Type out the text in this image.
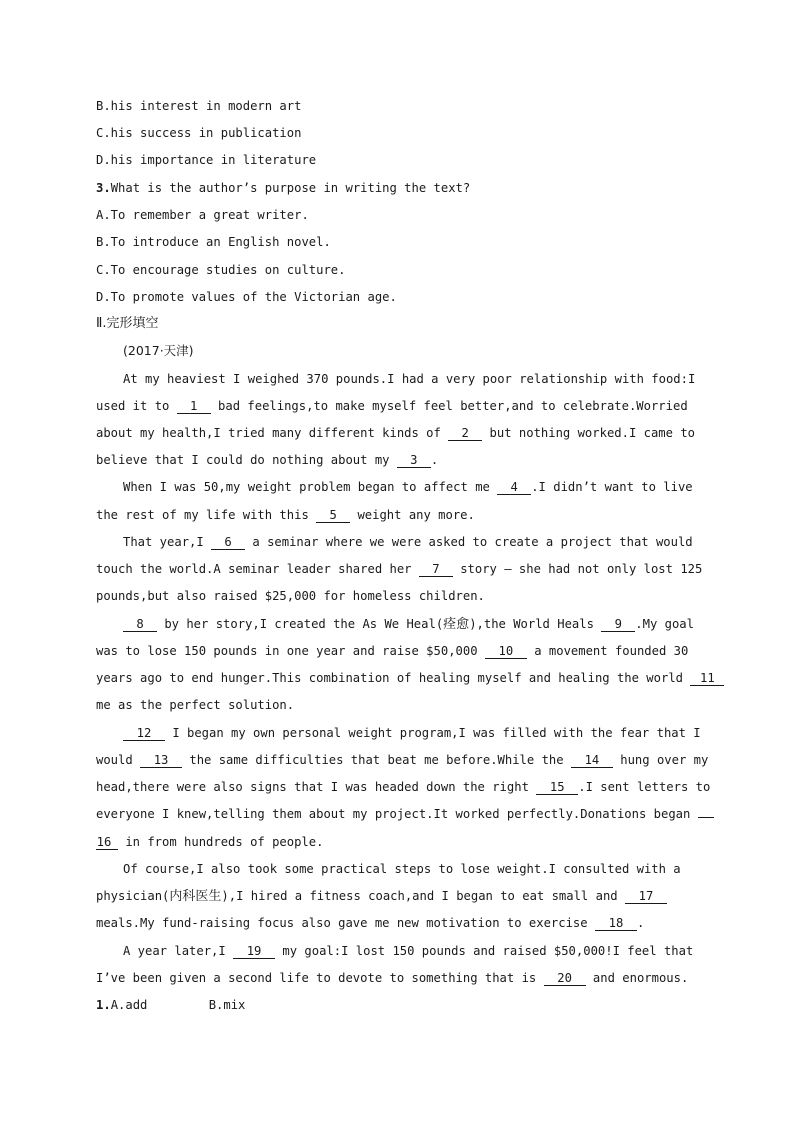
B.his interest in modern art
C.his success in publication
D.his importance in literature
3.What is the author’s purpose in writing the text?
A.To remember a great writer.
B.To introduce an English novel.
C.To encourage studies on culture.
D.To promote values of the Victorian age.
Ⅱ.完形填空
(2017·天津)
At my heaviest I weighed 370 pounds.I had a very poor relationship with food:I
used it to 1 bad feelings,to make myself feel better,and to celebrate.Worried
about my health,I tried many different kinds of 2 but nothing worked.I came to
believe that I could do nothing about my 3 .
When I was 50,my weight problem began to affect me 4 .I didn’t want to live
the rest of my life with this 5 weight any more.
That year,I 6 a seminar where we were asked to create a project that would
touch the world.A seminar leader shared her 7 story — she had not only lost 125
pounds,but also raised $25,000 for homeless children.
8 by her story,I created the As We Heal(痊愈),the World Heals 9 .My goal
was to lose 150 pounds in one year and raise $50,000 10 a movement founded 30
years ago to end hunger.This combination of healing myself and healing the world 11
me as the perfect solution.
12 I began my own personal weight program,I was filled with the fear that I
would 13 the same difficulties that beat me before.While the 14 hung over my
head,there were also signs that I was headed down the right 15 .I sent letters to
everyone I knew,telling them about my project.It worked perfectly.Donations began
16 in from hundreds of people.
Of course,I also took some practical steps to lose weight.I consulted with a
physician(内科医生),I hired a fitness coach,and I began to eat small and 17
meals.My fund-raising focus also gave me new motivation to exercise 18 .
A year later,I 19 my goal:I lost 150 pounds and raised $50,000!I feel that
I’ve been given a second life to devote to something that is 20 and enormous.
1.A.add	B.mix
